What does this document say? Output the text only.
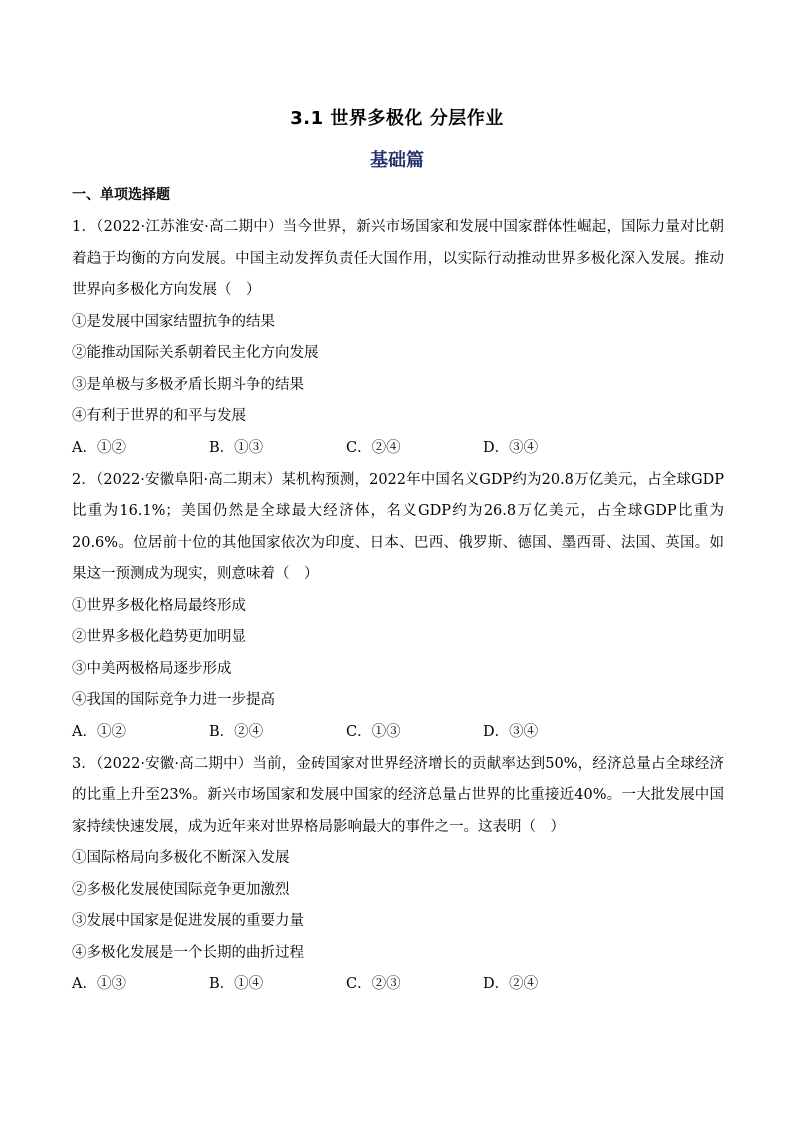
3.1 世界多极化 分层作业
基础篇
一、单项选择题

1．（2022·江苏淮安·高二期中）当今世界，新兴市场国家和发展中国家群体性崛起，国际力量对比朝着趋于均衡的方向发展。中国主动发挥负责任大国作用，以实际行动推动世界多极化深入发展。推动世界向多极化方向发展（　）

①是发展中国家结盟抗争的结果

②能推动国际关系朝着民主化方向发展

③是单极与多极矛盾长期斗争的结果

④有利于世界的和平与发展

A．①②	B．①③	C．②④	D．③④

2．（2022·安徽阜阳·高二期末）某机构预测，2022年中国名义GDP约为20.8万亿美元，占全球GDP比重为16.1%；美国仍然是全球最大经济体，名义GDP约为26.8万亿美元，占全球GDP比重为20.6%。位居前十位的其他国家依次为印度、日本、巴西、俄罗斯、德国、墨西哥、法国、英国。如果这一预测成为现实，则意味着（　）

①世界多极化格局最终形成

②世界多极化趋势更加明显

③中美两极格局逐步形成

④我国的国际竞争力进一步提高

A．①②	B．②④	C．①③	D．③④

3．（2022·安徽·高二期中）当前，金砖国家对世界经济增长的贡献率达到50%，经济总量占全球经济的比重上升至23%。新兴市场国家和发展中国家的经济总量占世界的比重接近40%。一大批发展中国家持续快速发展，成为近年来对世界格局影响最大的事件之一。这表明（　）

①国际格局向多极化不断深入发展

②多极化发展使国际竞争更加激烈

③发展中国家是促进发展的重要力量

④多极化发展是一个长期的曲折过程

A．①③	B．①④	C．②③	D．②④
